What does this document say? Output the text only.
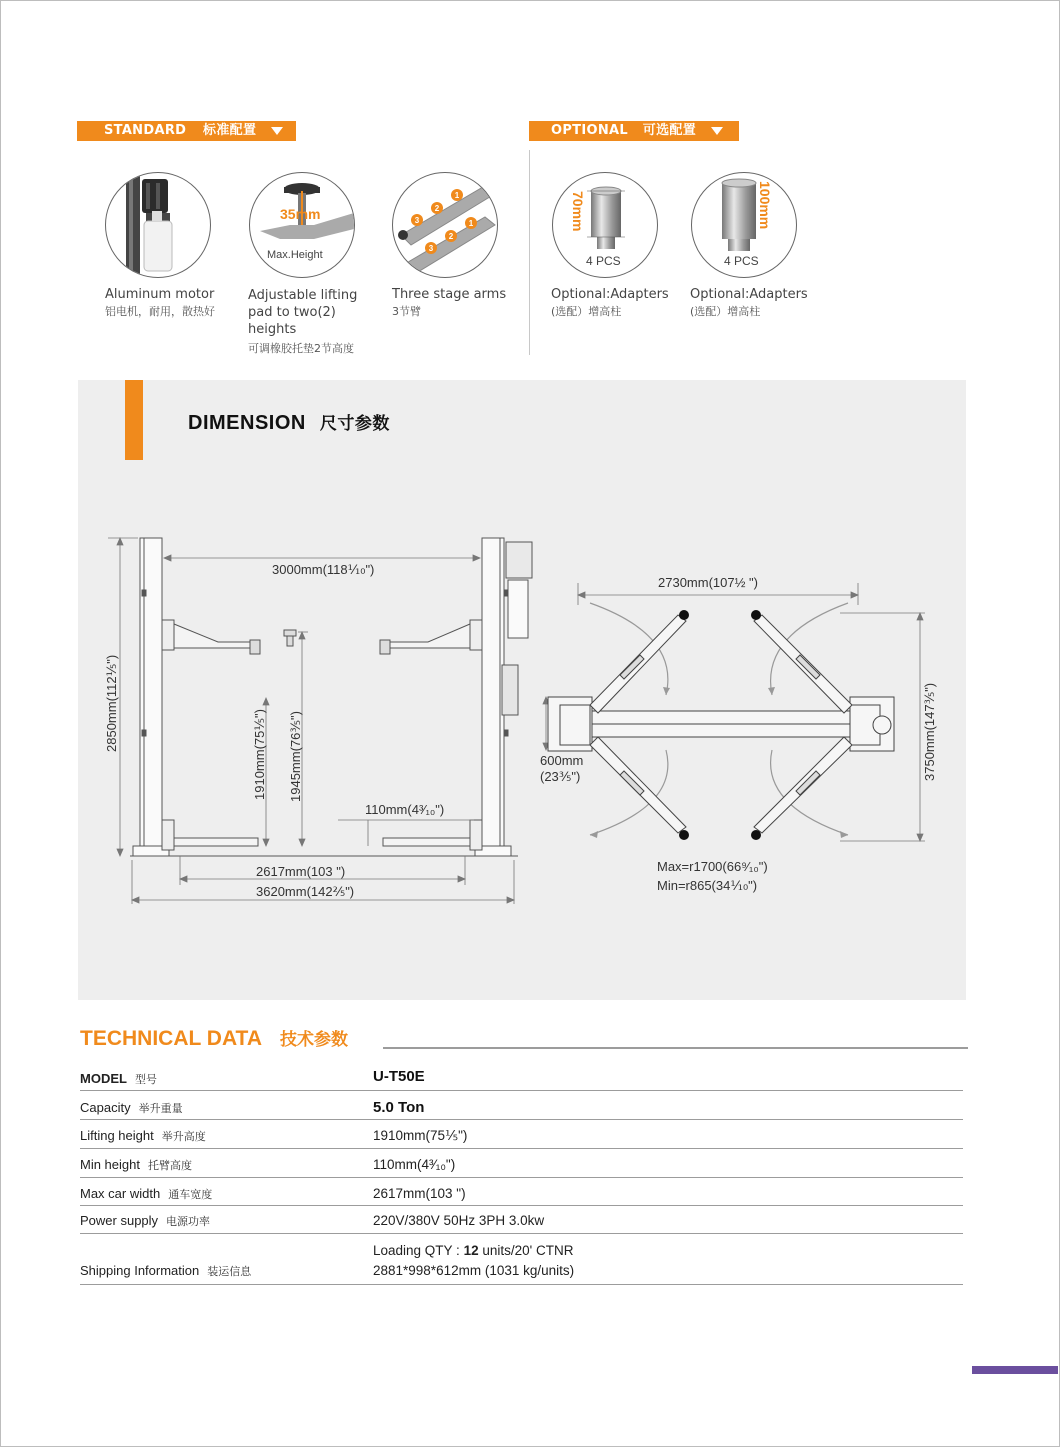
STANDARD 标准配置	OPTIONAL 可选配置
35mm
Max.Height
1
2
3	1
2
3
70mm
4 PCS
100mm
4 PCS
Aluminum motor
铝电机，耐用，散热好
Adjustable lifting pad to two(2) heights
可调橡胶托垫2节高度
Three stage arms
3节臂
Optional:Adapters
(选配）增高柱
Optional:Adapters
(选配）增高柱
DIMENSION 尺寸参数
3000mm(118⅒")
2850mm(112⅕")
1910mm(75⅕") 1945mm(76⅗")
110mm(4³⁄₁₀")
2617mm(103 ")
3620mm(142⅖")
2730mm(107½ ")
3750mm(147⅗")
600mm
(23⅗")
Max=r1700(66⁹⁄₁₀")
Min=r865(34⅒")
TECHNICAL DATA 技术参数
MODEL 型号	U-T50E
Capacity 举升重量	5.0 Ton
Lifting height 举升高度	1910mm(75⅕")
Min height 托臂高度	110mm(4³⁄₁₀")
Max car width 通车宽度	2617mm(103 ")
Power supply 电源功率	220V/380V 50Hz 3PH 3.0kw
Shipping Information 装运信息
Loading QTY : 12 units/20' CTNR
2881*998*612mm (1031 kg/units)
